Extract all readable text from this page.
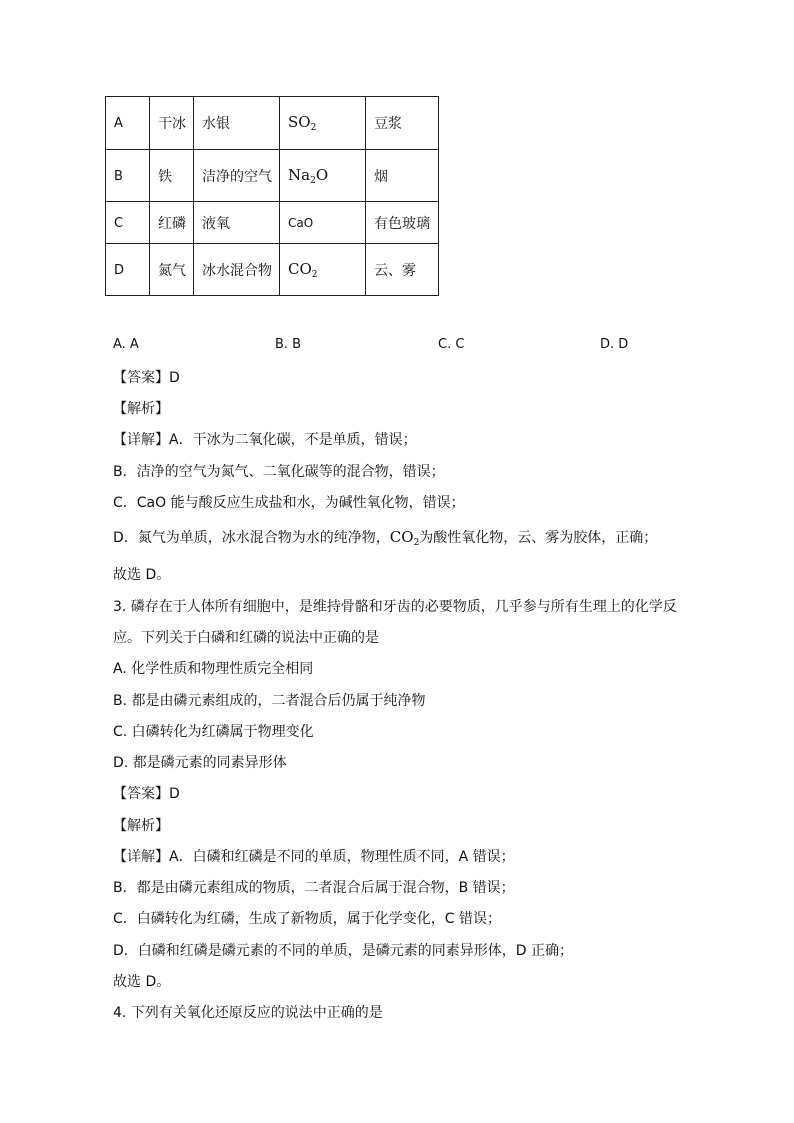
A	干冰	水银	$SO_2$	豆浆
B	铁	洁净的空气	$Na_2O$	烟
C	红磷	液氧	CaO	有色玻璃
D	氮气	冰水混合物	$CO_2$	云、雾
A. A	B. B	C. C	D. D
【答案】D
【解析】
【详解】A．干冰为二氧化碳，不是单质，错误；
B．洁净的空气为氮气、二氧化碳等的混合物，错误；
C．CaO 能与酸反应生成盐和水，为碱性氧化物，错误；
D．氮气为单质，冰水混合物为水的纯净物，$CO_2$为酸性氧化物，云、雾为胶体，正确；
故选 D。
3. 磷存在于人体所有细胞中，是维持骨骼和牙齿的必要物质，几乎参与所有生理上的化学反
应。下列关于白磷和红磷的说法中正确的是
A. 化学性质和物理性质完全相同
B. 都是由磷元素组成的，二者混合后仍属于纯净物
C. 白磷转化为红磷属于物理变化
D. 都是磷元素的同素异形体
【答案】D
【解析】
【详解】A．白磷和红磷是不同的单质，物理性质不同，A 错误；
B．都是由磷元素组成的物质，二者混合后属于混合物，B 错误；
C．白磷转化为红磷，生成了新物质，属于化学变化，C 错误；
D．白磷和红磷是磷元素的不同的单质，是磷元素的同素异形体，D 正确；
故选 D。
4. 下列有关氧化还原反应的说法中正确的是
